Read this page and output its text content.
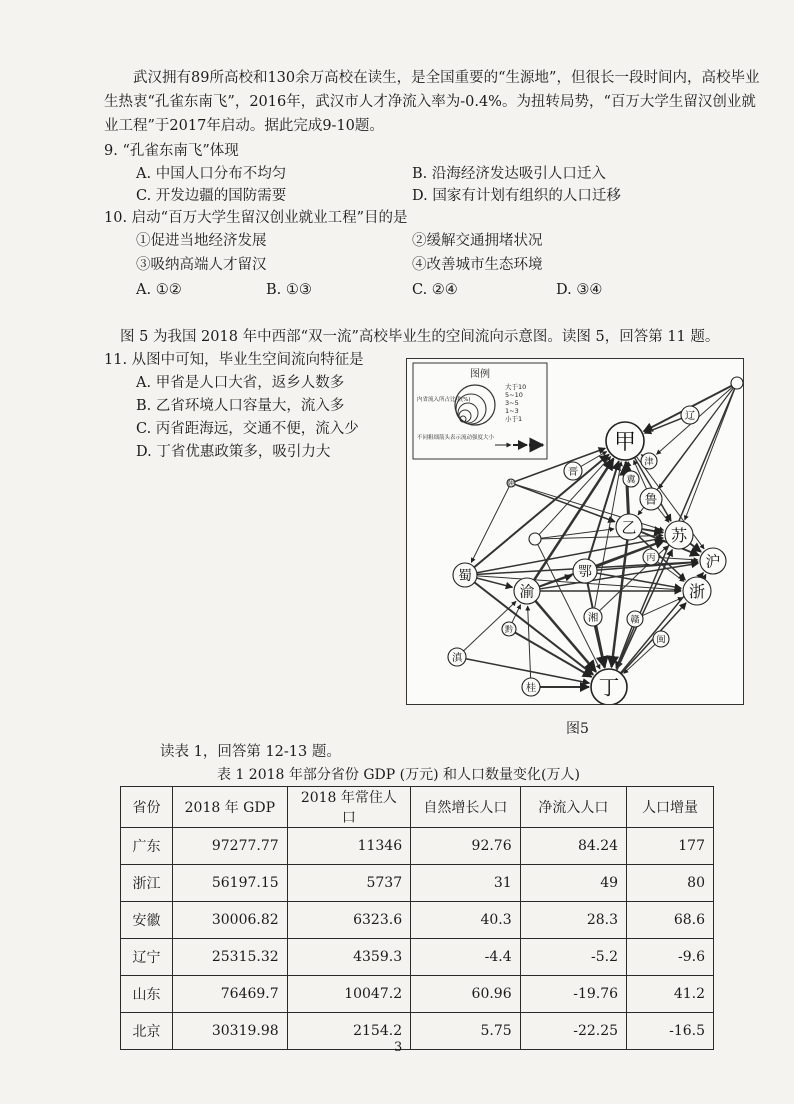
武汉拥有89所高校和130余万高校在读生，是全国重要的“生源地”，但很长一段时间内，高校毕业生热衷“孔雀东南飞”，2016年，武汉市人才净流入率为-0.4%。为扭转局势，“百万大学生留汉创业就业工程”于2017年启动。据此完成9-10题。
9. “孔雀东南飞”体现
A. 中国人口分布不均匀	B. 沿海经济发达吸引人口迁入
C. 开发边疆的国防需要	D. 国家有计划有组织的人口迁移
10. 启动“百万大学生留汉创业就业工程”目的是
①促进当地经济发展	②缓解交通拥堵状况
③吸纳高端人才留汉	④改善城市生态环境
A. ①②	B. ①③	C. ②④	D. ③④
图 5 为我国 2018 年中西部“双一流”高校毕业生的空间流向示意图。读图 5，回答第 11 题。
11. 从图中可知，毕业生空间流向特征是
A. 甲省是人口大省，返乡人数多
B. 乙省环境人口容量大，流入多
C. 丙省距海远，交通不便，流入少
D. 丁省优惠政策多，吸引力大
图例
内省流入所占比重(%)
大于10
5~10
3~5
1~3
小于1
不同粗细箭头表示流动强度大小	甲
辽
津
冀
晋
鲁
陕
乙 苏
沪
丙
浙
蜀	鄂
渝
湘	赣
闽
黔
滇
桂	丁
图5
读表 1，回答第 12-13 题。
表 1 2018 年部分省份 GDP (万元) 和人口数量变化(万人)
省份	2018 年 GDP	2018 年常住人口	自然增长人口	净流入人口	人口增量
广东	97277.77	11346	92.76	84.24	177
浙江	56197.15	5737	31	49	80
安徽	30006.82	6323.6	40.3	28.3	68.6
辽宁	25315.32	4359.3	-4.4	-5.2	-9.6
山东	76469.7	10047.2	60.96	-19.76	41.2
北京	30319.98	2154.2	5.75	-22.25	-16.5
3
